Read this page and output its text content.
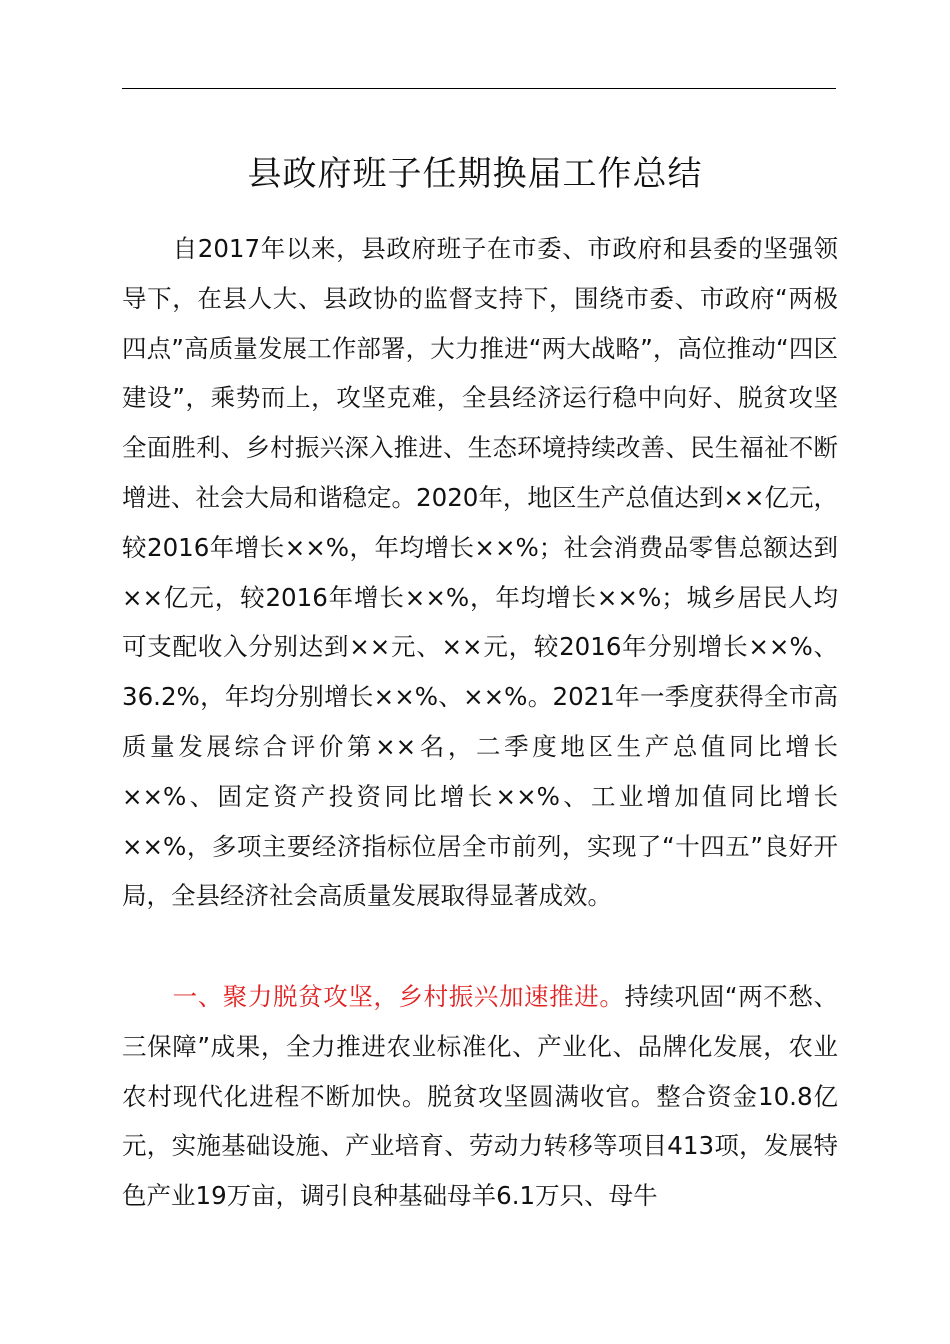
县政府班子任期换届工作总结

自2017年以来，县政府班子在市委、市政府和县委的坚强领导下，在县人大、县政协的监督支持下，围绕市委、市政府“两极四点”高质量发展工作部署，大力推进“两大战略”，高位推动“四区建设”，乘势而上，攻坚克难，全县经济运行稳中向好、脱贫攻坚全面胜利、乡村振兴深入推进、生态环境持续改善、民生福祉不断增进、社会大局和谐稳定。2020年，地区生产总值达到××亿元，较2016年增长××%，年均增长××%；社会消费品零售总额达到××亿元，较2016年增长××%，年均增长××%；城乡居民人均可支配收入分别达到××元、××元，较2016年分别增长××%、36.2%，年均分别增长××%、××%。2021年一季度获得全市高质量发展综合评价第××名，二季度地区生产总值同比增长××%、固定资产投资同比增长××%、工业增加值同比增长××%，多项主要经济指标位居全市前列，实现了“十四五”良好开局，全县经济社会高质量发展取得显著成效。

一、聚力脱贫攻坚，乡村振兴加速推进。持续巩固“两不愁、三保障”成果，全力推进农业标准化、产业化、品牌化发展，农业农村现代化进程不断加快。脱贫攻坚圆满收官。整合资金10.8亿元，实施基础设施、产业培育、劳动力转移等项目413项，发展特色产业19万亩，调引良种基础母羊6.1万只、母牛
